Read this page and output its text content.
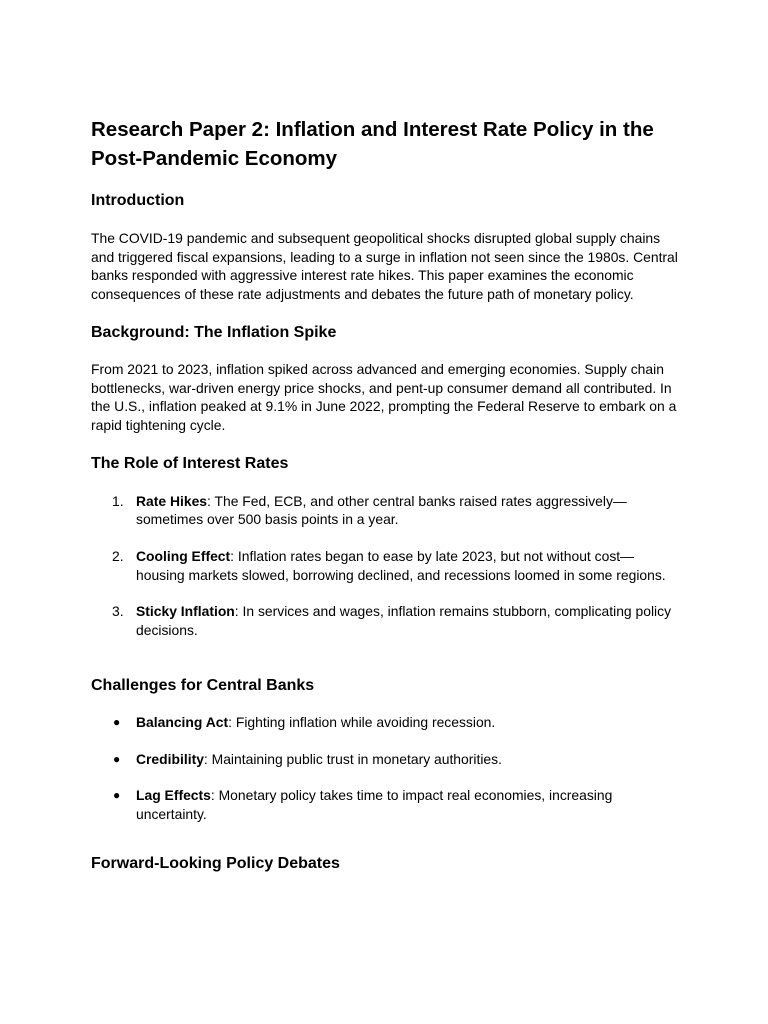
Research Paper 2: Inflation and Interest Rate Policy in the Post-Pandemic Economy
Introduction

The COVID-19 pandemic and subsequent geopolitical shocks disrupted global supply chains and triggered fiscal expansions, leading to a surge in inflation not seen since the 1980s. Central banks responded with aggressive interest rate hikes. This paper examines the economic consequences of these rate adjustments and debates the future path of monetary policy.

Background: The Inflation Spike

From 2021 to 2023, inflation spiked across advanced and emerging economies. Supply chain bottlenecks, war-driven energy price shocks, and pent-up consumer demand all contributed. In the U.S., inflation peaked at 9.1% in June 2022, prompting the Federal Reserve to embark on a rapid tightening cycle.

The Role of Interest Rates
1. Rate Hikes: The Fed, ECB, and other central banks raised rates aggressively—sometimes over 500 basis points in a year.
2. Cooling Effect: Inflation rates began to ease by late 2023, but not without cost—housing markets slowed, borrowing declined, and recessions loomed in some regions.
3. Sticky Inflation: In services and wages, inflation remains stubborn, complicating policy decisions.
Challenges for Central Banks
● Balancing Act: Fighting inflation while avoiding recession.
● Credibility: Maintaining public trust in monetary authorities.
● Lag Effects: Monetary policy takes time to impact real economies, increasing uncertainty.
Forward-Looking Policy Debates
